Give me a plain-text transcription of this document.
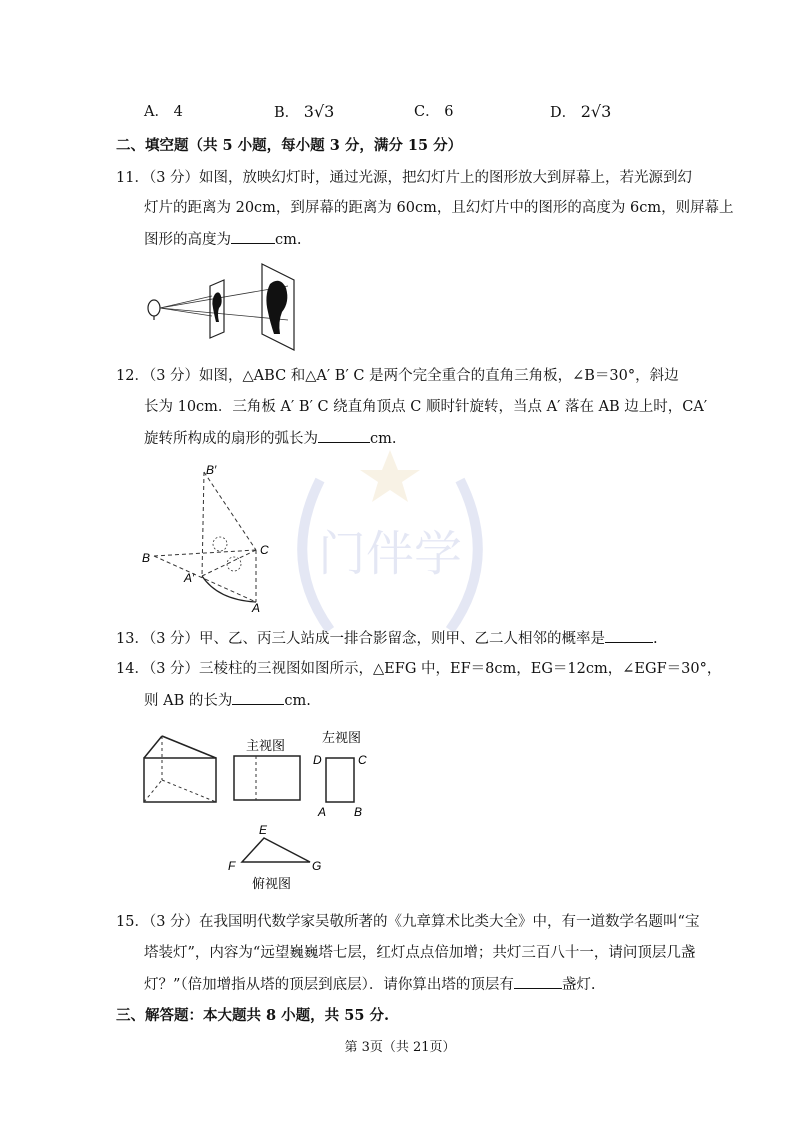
门伴学
A． 4	B． 3√3	C． 6	D． 2√3
二、填空题（共 5 小题，每小题 3 分，满分 15 分）
11．（3 分）如图，放映幻灯时，通过光源，把幻灯片上的图形放大到屏幕上，若光源到幻
灯片的距离为 20cm，到屏幕的距离为 60cm，且幻灯片中的图形的高度为 6cm，则屏幕上
图形的高度为	cm.
12．（3 分）如图，△ABC 和△A′ B′ C 是两个完全重合的直角三角板，∠B＝30°，斜边
长为 10cm．三角板 A′ B′ C 绕直角顶点 C 顺时针旋转，当点 A′ 落在 AB 边上时，CA′
旋转所构成的扇形的弧长为	cm.
B′
B
C
A′
A
13．（3 分）甲、乙、丙三人站成一排合影留念，则甲、乙二人相邻的概率是	.
14．（3 分）三棱柱的三视图如图所示，△EFG 中，EF＝8cm，EG＝12cm，∠EGF＝30°，
则 AB 的长为	cm.
主视图
左视图
D	C
A B
E
F	G
俯视图
15．（3 分）在我国明代数学家吴敬所著的《九章算术比类大全》中，有一道数学名题叫“宝
塔装灯”，内容为“远望巍巍塔七层，红灯点点倍加增；共灯三百八十一，请问顶层几盏
灯？”（倍加增指从塔的顶层到底层）．请你算出塔的顶层有	盏灯.
三、解答题：本大题共 8 小题，共 55 分.
第 3页（共 21页）
